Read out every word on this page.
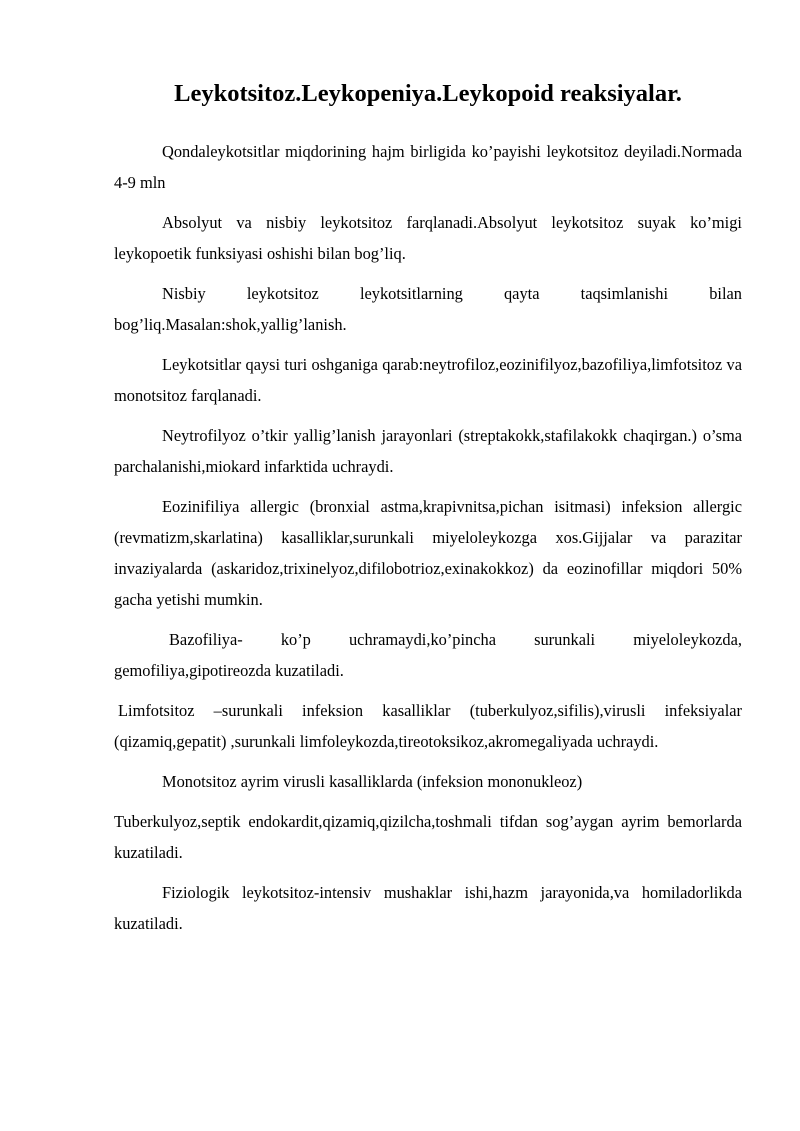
Leykotsitoz.Leykopeniya.Leykopoid reaksiyalar.

Qondaleykotsitlar miqdorining hajm birligida ko’payishi leykotsitoz deyiladi.Normada 4-9 mln

Absolyut va nisbiy leykotsitoz farqlanadi.Absolyut leykotsitoz suyak ko’migi leykopoetik funksiyasi oshishi bilan bog’liq.

Nisbiy leykotsitoz leykotsitlarning qayta taqsimlanishi bilan bog’liq.Masalan:shok,yallig’lanish.

Leykotsitlar qaysi turi oshganiga qarab:neytrofiloz,eozinifilyoz,bazofiliya,limfotsitoz va monotsitoz farqlanadi.

Neytrofilyoz o’tkir yallig’lanish jarayonlari (streptakokk,stafilakokk chaqirgan.) o’sma parchalanishi,miokard infarktida uchraydi.

Eozinifiliya allergic (bronxial astma,krapivnitsa,pichan isitmasi) infeksion allergic (revmatizm,skarlatina) kasalliklar,surunkali miyeloleykozga xos.Gijjalar va parazitar invaziyalarda (askaridoz,trixinelyoz,difilobotrioz,exinakokkoz) da eozinofillar miqdori 50% gacha yetishi mumkin.

Bazofiliya- ko’p uchramaydi,ko’pincha surunkali miyeloleykozda, gemofiliya,gipotireozda kuzatiladi.

Limfotsitoz –surunkali infeksion kasalliklar (tuberkulyoz,sifilis),virusli infeksiyalar (qizamiq,gepatit) ,surunkali limfoleykozda,tireotoksikoz,akromegaliyada uchraydi.

Monotsitoz ayrim virusli kasalliklarda (infeksion mononukleoz)

Tuberkulyoz,septik endokardit,qizamiq,qizilcha,toshmali tifdan sog’aygan ayrim bemorlarda kuzatiladi.

Fiziologik leykotsitoz-intensiv mushaklar ishi,hazm jarayonida,va homiladorlikda kuzatiladi.
